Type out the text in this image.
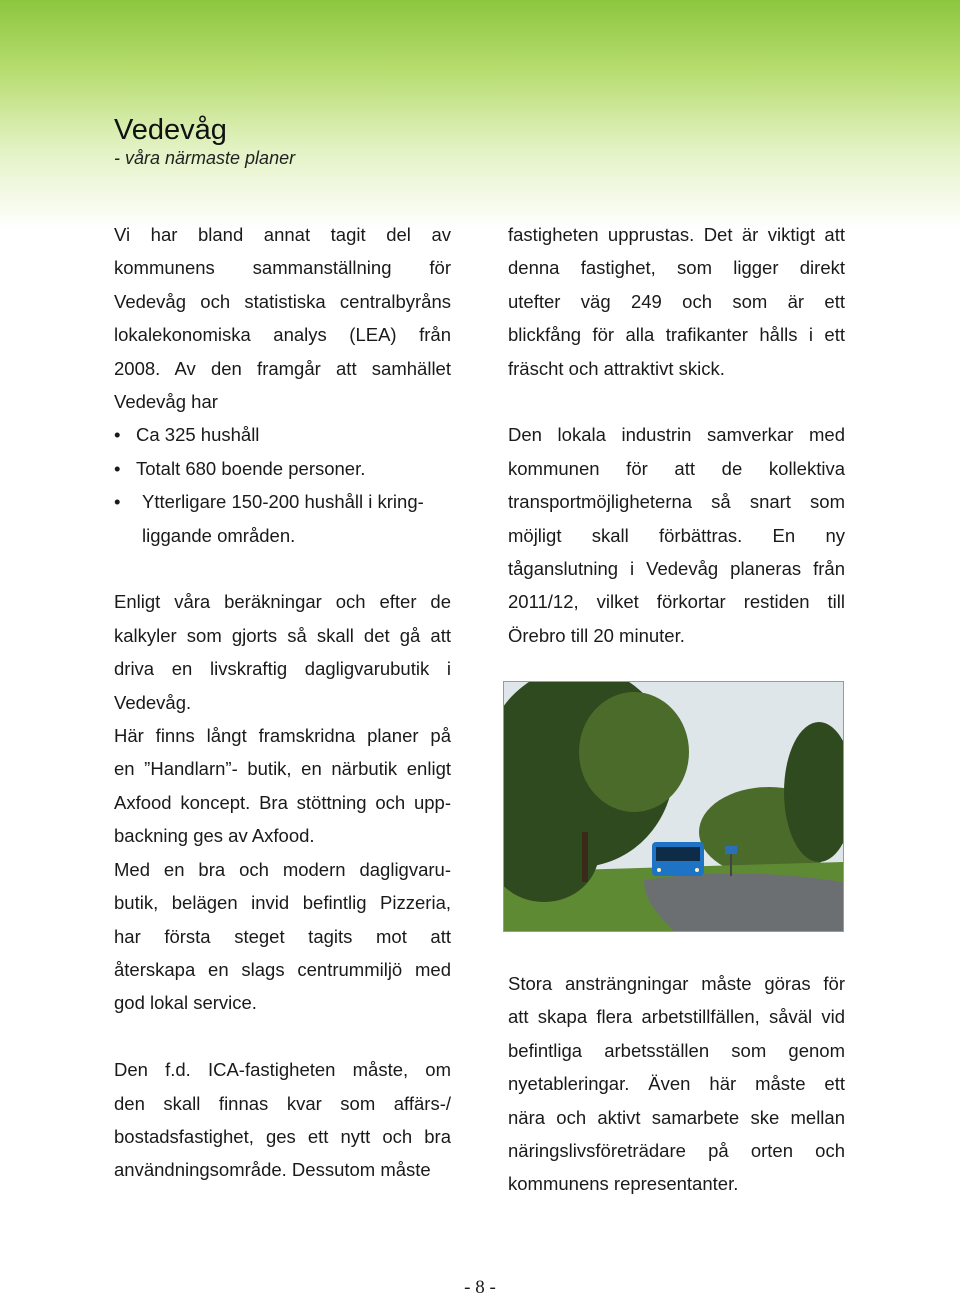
Vedevåg
- våra närmaste planer

Vi har bland annat tagit del av

kommunens sammanställning för

Vedevåg och statistiska centralbyråns

lokalekonomiska analys (LEA) från

2008. Av den framgår att samhället

Vedevåg har

• Ca 325 hushåll
• Totalt 680 boende personer.
•	Ytterligare 150-200 hushåll i kring-

liggande områden.

Enligt våra beräkningar och efter de

kalkyler som gjorts så skall det gå att

driva en livskraftig dagligvarubutik i

Vedevåg.

Här finns långt framskridna planer på

en ”Handlarn”- butik, en närbutik enligt

Axfood koncept. Bra stöttning och upp-

backning ges av Axfood.

Med en bra och modern dagligvaru-

butik, belägen invid befintlig Pizzeria,

har första steget tagits mot att

återskapa en slags centrummiljö med

god lokal service.

Den f.d. ICA-fastigheten måste, om

den skall finnas kvar som affärs-/

bostadsfastighet, ges ett nytt och bra

användningsområde. Dessutom måste

fastigheten upprustas. Det är viktigt att

denna fastighet, som ligger direkt

utefter väg 249 och som är ett

blickfång för alla trafikanter hålls i ett

fräscht och attraktivt skick.

Den lokala industrin samverkar med

kommunen för att de kollektiva

transportmöjligheterna så snart som

möjligt skall förbättras. En ny

tåganslutning i Vedevåg planeras från

2011/12, vilket förkortar restiden till

Örebro till 20 minuter.

Stora ansträngningar måste göras för

att skapa flera arbetstillfällen, såväl vid

befintliga arbetsställen som genom

nyetableringar. Även här måste ett

nära och aktivt samarbete ske mellan

näringslivsföreträdare på orten och

kommunens representanter.

- 8 -
